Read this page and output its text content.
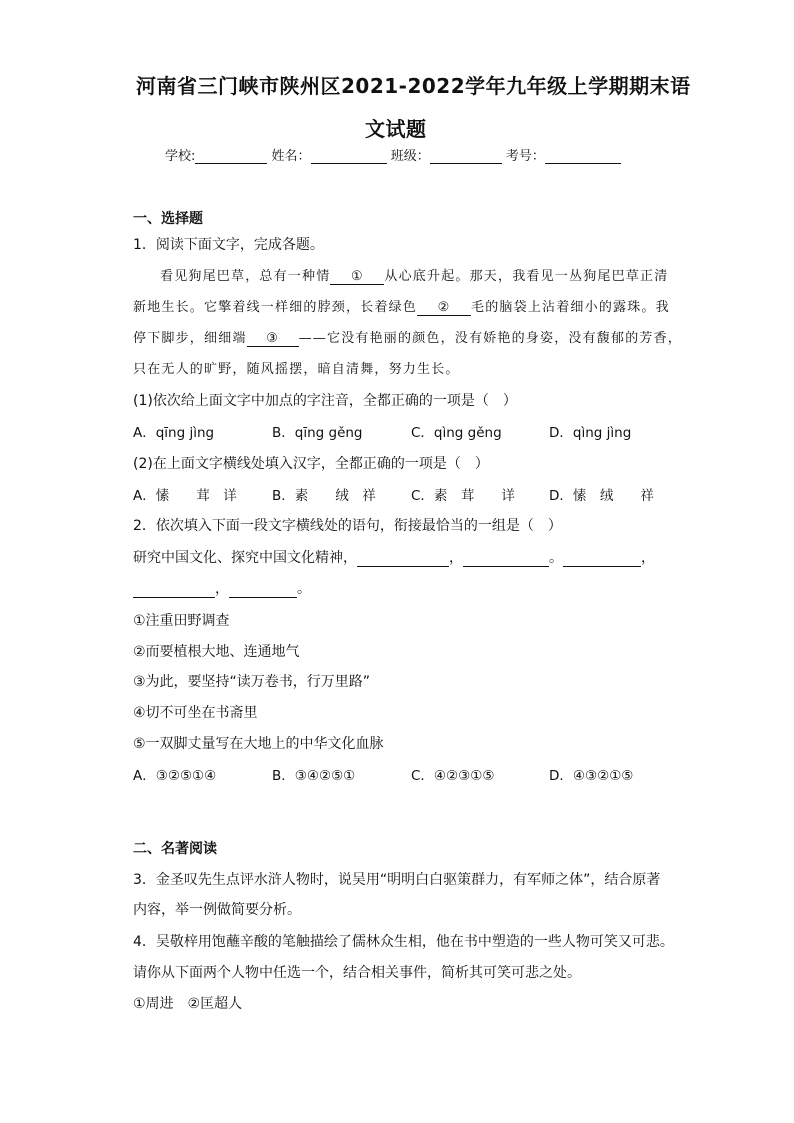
河南省三门峡市陕州区2021-2022学年九年级上学期期末语
文试题
学校:	姓名：	班级：	考号：
一、选择题
1．阅读下面文字，完成各题。
看见狗尾巴草，总有一种情 ① 从心底升起。那天，我看见一丛狗尾巴草正清
新地生长。它擎着线一样细的脖颈，长着绿色 ② 毛的脑袋上沾着细小的露珠。我
停下脚步，细细端 ③ ——它没有艳丽的颜色，没有娇艳的身姿，没有馥郁的芳香，
只在无人的旷野，随风摇摆，暗自清舞，努力生长。
(1)依次给上面文字中加点的字注音，全都正确的一项是（　）
A．qīng jìng	B．qīng gěng	C．qìng gěng	D．qìng jìng
(2)在上面文字横线处填入汉字，全都正确的一项是（　）
A．愫　　茸　详	B．素　　绒　祥	C．素　茸　　详	D．愫　绒　　祥
2．依次填入下面一段文字横线处的语句，衔接最恰当的一组是（　）
研究中国文化、探究中国文化精神，	，	。	，
，	。
①注重田野调查
②而要植根大地、连通地气
③为此，要坚持“读万卷书，行万里路”
④切不可坐在书斋里
⑤一双脚丈量写在大地上的中华文化血脉
A．③②⑤①④	B．③④②⑤①	C．④②③①⑤	D．④③②①⑤
二、名著阅读
3．金圣叹先生点评水浒人物时，说吴用“明明白白驱策群力，有军师之体”，结合原著
内容，举一例做简要分析。
4．吴敬梓用饱蘸辛酸的笔触描绘了儒林众生相，他在书中塑造的一些人物可笑又可悲。
请你从下面两个人物中任选一个，结合相关事件，简析其可笑可悲之处。
①周进　②匡超人
